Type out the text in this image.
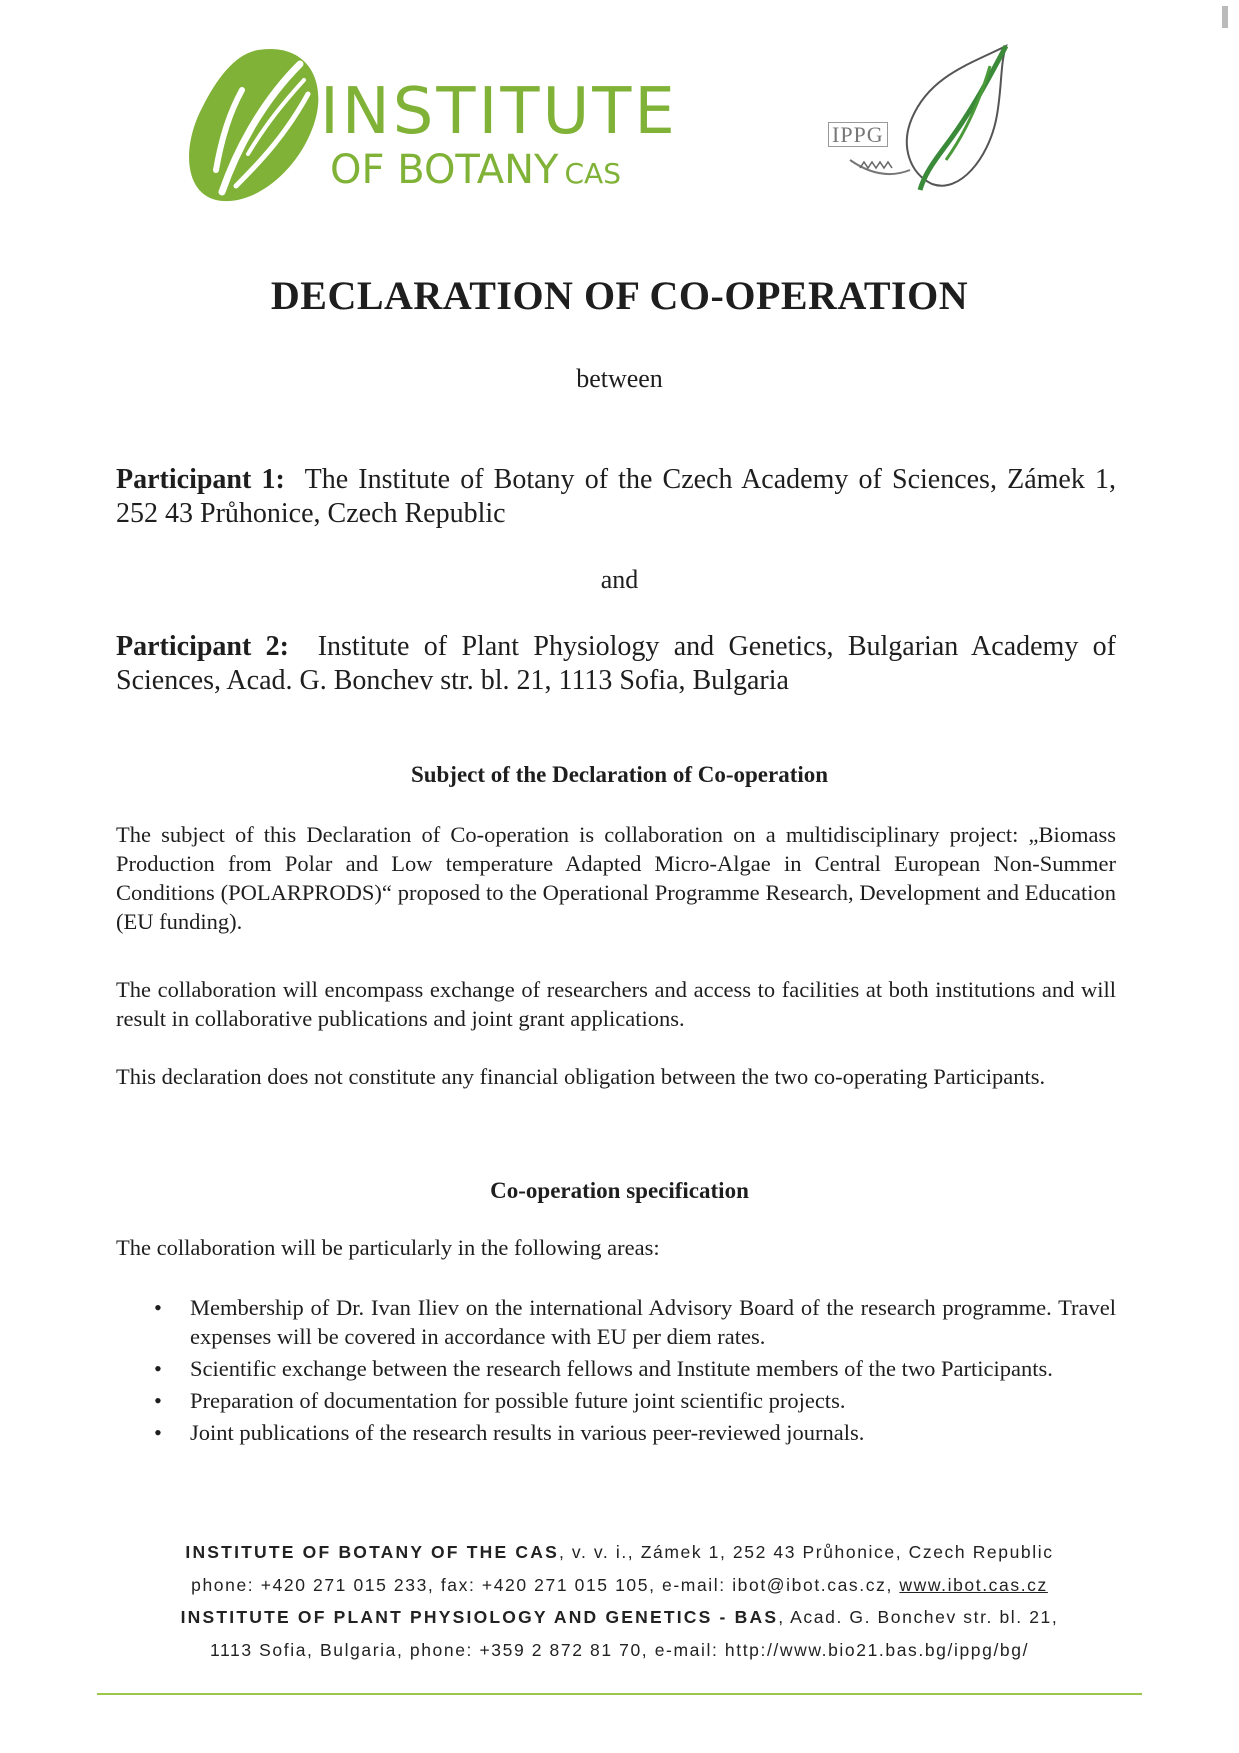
INSTITUTE
OF BOTANY CAS
IPPG
DECLARATION OF CO-OPERATION
between
Participant 1: The Institute of Botany of the Czech Academy of Sciences, Zámek 1, 252 43 Průhonice, Czech Republic
and
Participant 2: Institute of Plant Physiology and Genetics, Bulgarian Academy of Sciences, Acad. G. Bonchev str. bl. 21, 1113 Sofia, Bulgaria
Subject of the Declaration of Co-operation
The subject of this Declaration of Co-operation is collaboration on a multidisciplinary project: „Biomass Production from Polar and Low temperature Adapted Micro-Algae in Central European Non-Summer Conditions (POLARPRODS)“ proposed to the Operational Programme Research, Development and Education (EU funding).
The collaboration will encompass exchange of researchers and access to facilities at both institutions and will result in collaborative publications and joint grant applications.
This declaration does not constitute any financial obligation between the two co-operating Participants.
Co-operation specification
The collaboration will be particularly in the following areas:
• Membership of Dr. Ivan Iliev on the international Advisory Board of the research programme. Travel expenses will be covered in accordance with EU per diem rates.
• Scientific exchange between the research fellows and Institute members of the two Participants.
• Preparation of documentation for possible future joint scientific projects.
• Joint publications of the research results in various peer-reviewed journals.
INSTITUTE OF BOTANY OF THE CAS, v. v. i., Zámek 1, 252 43 Průhonice, Czech Republic
phone: +420 271 015 233, fax: +420 271 015 105, e-mail: ibot@ibot.cas.cz, www.ibot.cas.cz
INSTITUTE OF PLANT PHYSIOLOGY AND GENETICS - BAS, Acad. G. Bonchev str. bl. 21,
1113 Sofia, Bulgaria, phone: +359 2 872 81 70, e-mail: http://www.bio21.bas.bg/ippg/bg/
